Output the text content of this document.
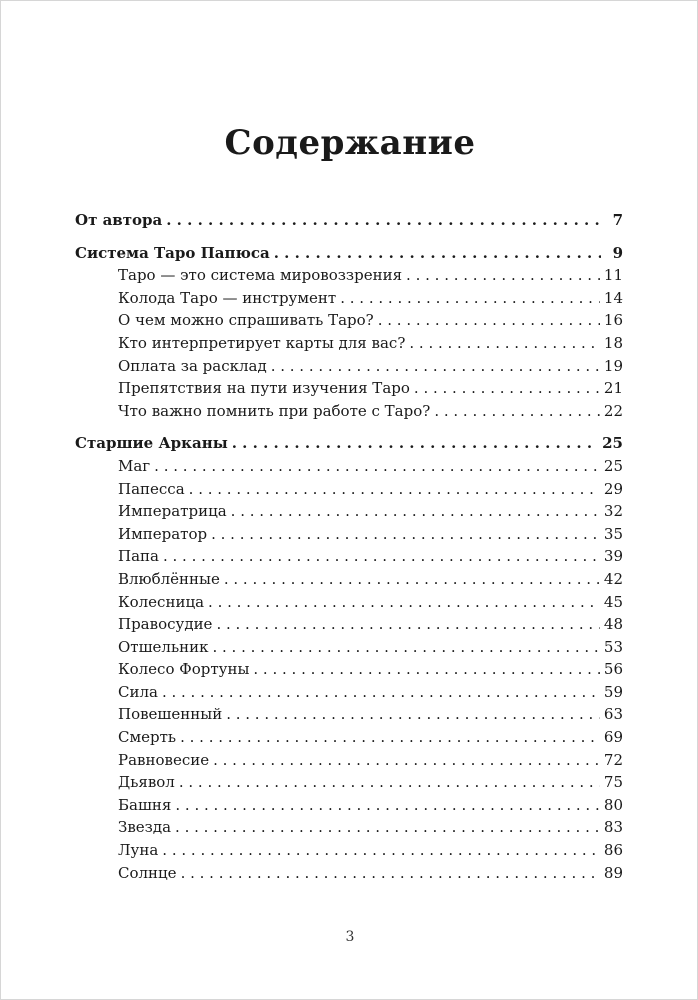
Содержание
От автора . . .	7
Система Таро Папюса . . .	9
Таро — это система мировоззрения . . .	11
Колода Таро — инструмент . . .	14
О чем можно спрашивать Таро? . . .	16
Кто интерпретирует карты для вас? . . .	18
Оплата за расклад . . .	19
Препятствия на пути изучения Таро . . .	21
Что важно помнить при работе с Таро? . . .	22
Старшие Арканы . . .	25
Маг . . .	25
Папесса . . .	29
Императрица . . .	32
Император . . .	35
Папа . . .	39
Влюблённые . . .	42
Колесница . . .	45
Правосудие . . .	48
Отшельник . . .	53
Колесо Фортуны . . .	56
Сила . . .	59
Повешенный . . .	63
Смерть . . .	69
Равновесие . . .	72
Дьявол . . .	75
Башня . . .	80
Звезда . . .	83
Луна . . .	86
Солнце . . .	89
3
